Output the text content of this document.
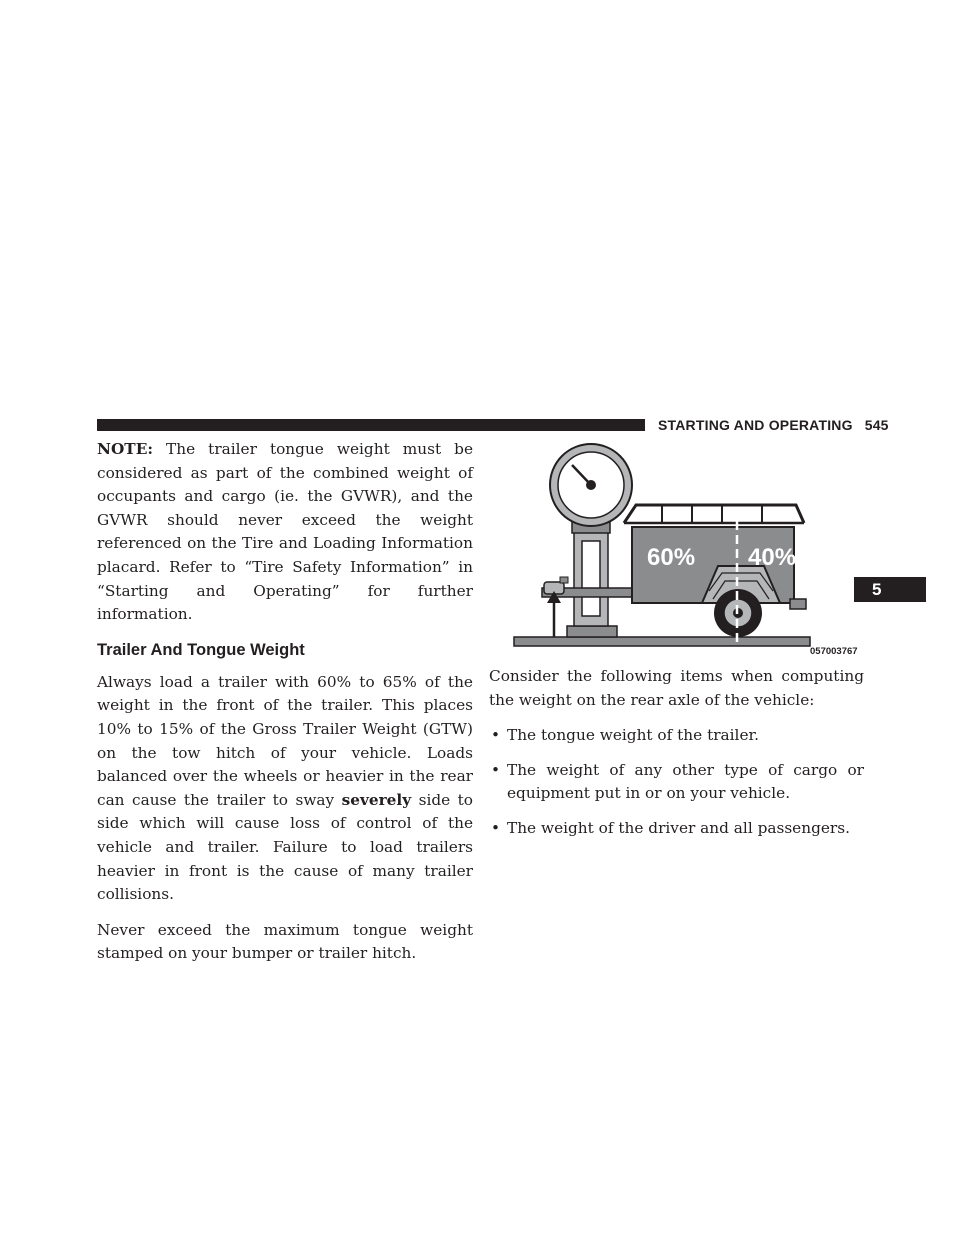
STARTING AND OPERATING 545
5

NOTE: The trailer tongue weight must be considered as part of the combined weight of occupants and cargo (ie. the GVWR), and the GVWR should never exceed the weight referenced on the Tire and Loading Information placard. Refer to “Tire Safety Information” in “Starting and Operating” for further information.

Trailer And Tongue Weight

Always load a trailer with 60% to 65% of the weight in the front of the trailer. This places 10% to 15% of the Gross Trailer Weight (GTW) on the tow hitch of your vehicle. Loads balanced over the wheels or heavier in the rear can cause the trailer to sway severely side to side which will cause loss of control of the vehicle and trailer. Failure to load trailers heavier in front is the cause of many trailer collisions.

Never exceed the maximum tongue weight stamped on your bumper or trailer hitch.

60% 40%
057003767

Consider the following items when computing the weight on the rear axle of the vehicle:

• The tongue weight of the trailer.
• The weight of any other type of cargo or equipment put in or on your vehicle.
• The weight of the driver and all passengers.
